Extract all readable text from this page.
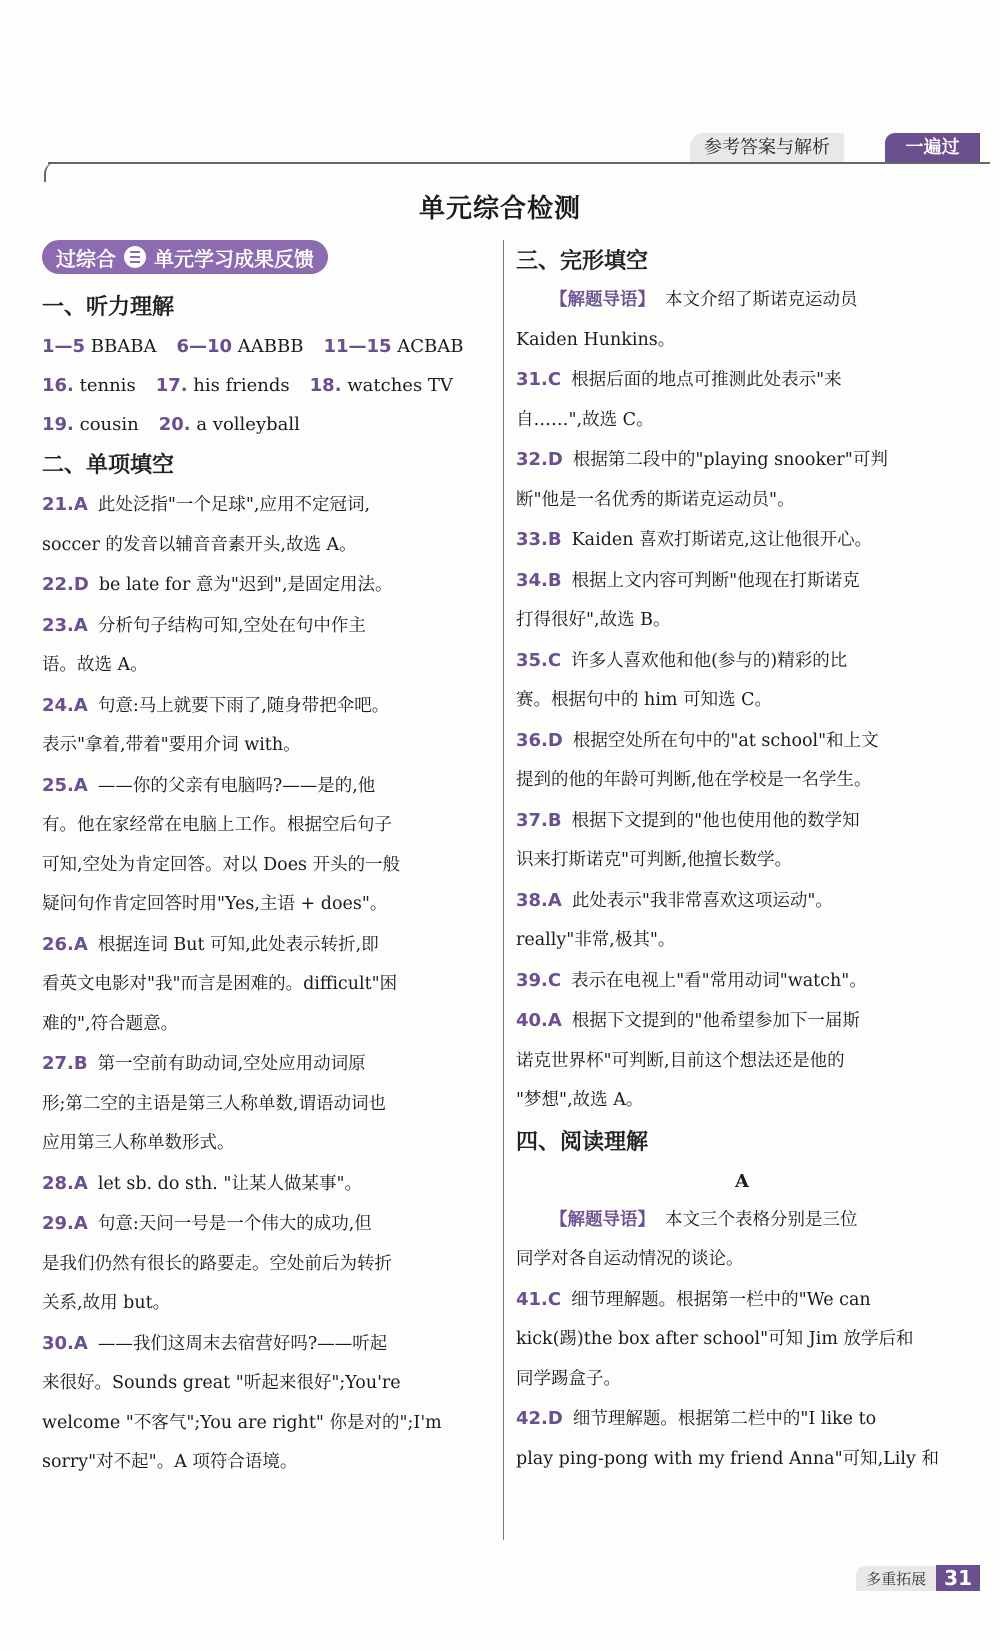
参考答案与解析	一遍过
单元综合检测
过综合 单元学习成果反馈
一、听力理解
1—5 BBABA 6—10 AABBB 11—15 ACBAB
16. tennis 17. his friends 18. watches TV
19. cousin 20. a volleyball
二、单项填空
21.A 此处泛指"一个足球",应用不定冠词,
soccer 的发音以辅音音素开头,故选 A。
22.D be late for 意为"迟到",是固定用法。
23.A 分析句子结构可知,空处在句中作主
语。故选 A。
24.A 句意:马上就要下雨了,随身带把伞吧。
表示"拿着,带着"要用介词 with。
25.A ——你的父亲有电脑吗?——是的,他
有。他在家经常在电脑上工作。根据空后句子
可知,空处为肯定回答。对以 Does 开头的一般
疑问句作肯定回答时用"Yes,主语 + does"。
26.A 根据连词 But 可知,此处表示转折,即
看英文电影对"我"而言是困难的。difficult"困
难的",符合题意。
27.B 第一空前有助动词,空处应用动词原
形;第二空的主语是第三人称单数,谓语动词也
应用第三人称单数形式。
28.A let sb. do sth. "让某人做某事"。
29.A 句意:天问一号是一个伟大的成功,但
是我们仍然有很长的路要走。空处前后为转折
关系,故用 but。
30.A ——我们这周末去宿营好吗?——听起
来很好。Sounds great "听起来很好";You're
welcome "不客气";You are right" 你是对的";I'm
sorry"对不起"。A 项符合语境。
三、完形填空
【解题导语】 本文介绍了斯诺克运动员
Kaiden Hunkins。
31.C 根据后面的地点可推测此处表示"来
自……",故选 C。
32.D 根据第二段中的"playing snooker"可判
断"他是一名优秀的斯诺克运动员"。
33.B Kaiden 喜欢打斯诺克,这让他很开心。
34.B 根据上文内容可判断"他现在打斯诺克
打得很好",故选 B。
35.C 许多人喜欢他和他(参与的)精彩的比
赛。根据句中的 him 可知选 C。
36.D 根据空处所在句中的"at school"和上文
提到的他的年龄可判断,他在学校是一名学生。
37.B 根据下文提到的"他也使用他的数学知
识来打斯诺克"可判断,他擅长数学。
38.A 此处表示"我非常喜欢这项运动"。
really"非常,极其"。
39.C 表示在电视上"看"常用动词"watch"。
40.A 根据下文提到的"他希望参加下一届斯
诺克世界杯"可判断,目前这个想法还是他的
"梦想",故选 A。
四、阅读理解
A
【解题导语】 本文三个表格分别是三位
同学对各自运动情况的谈论。
41.C 细节理解题。根据第一栏中的"We can
kick(踢)the box after school"可知 Jim 放学后和
同学踢盒子。
42.D 细节理解题。根据第二栏中的"I like to
play ping-pong with my friend Anna"可知,Lily 和
多重拓展 31
